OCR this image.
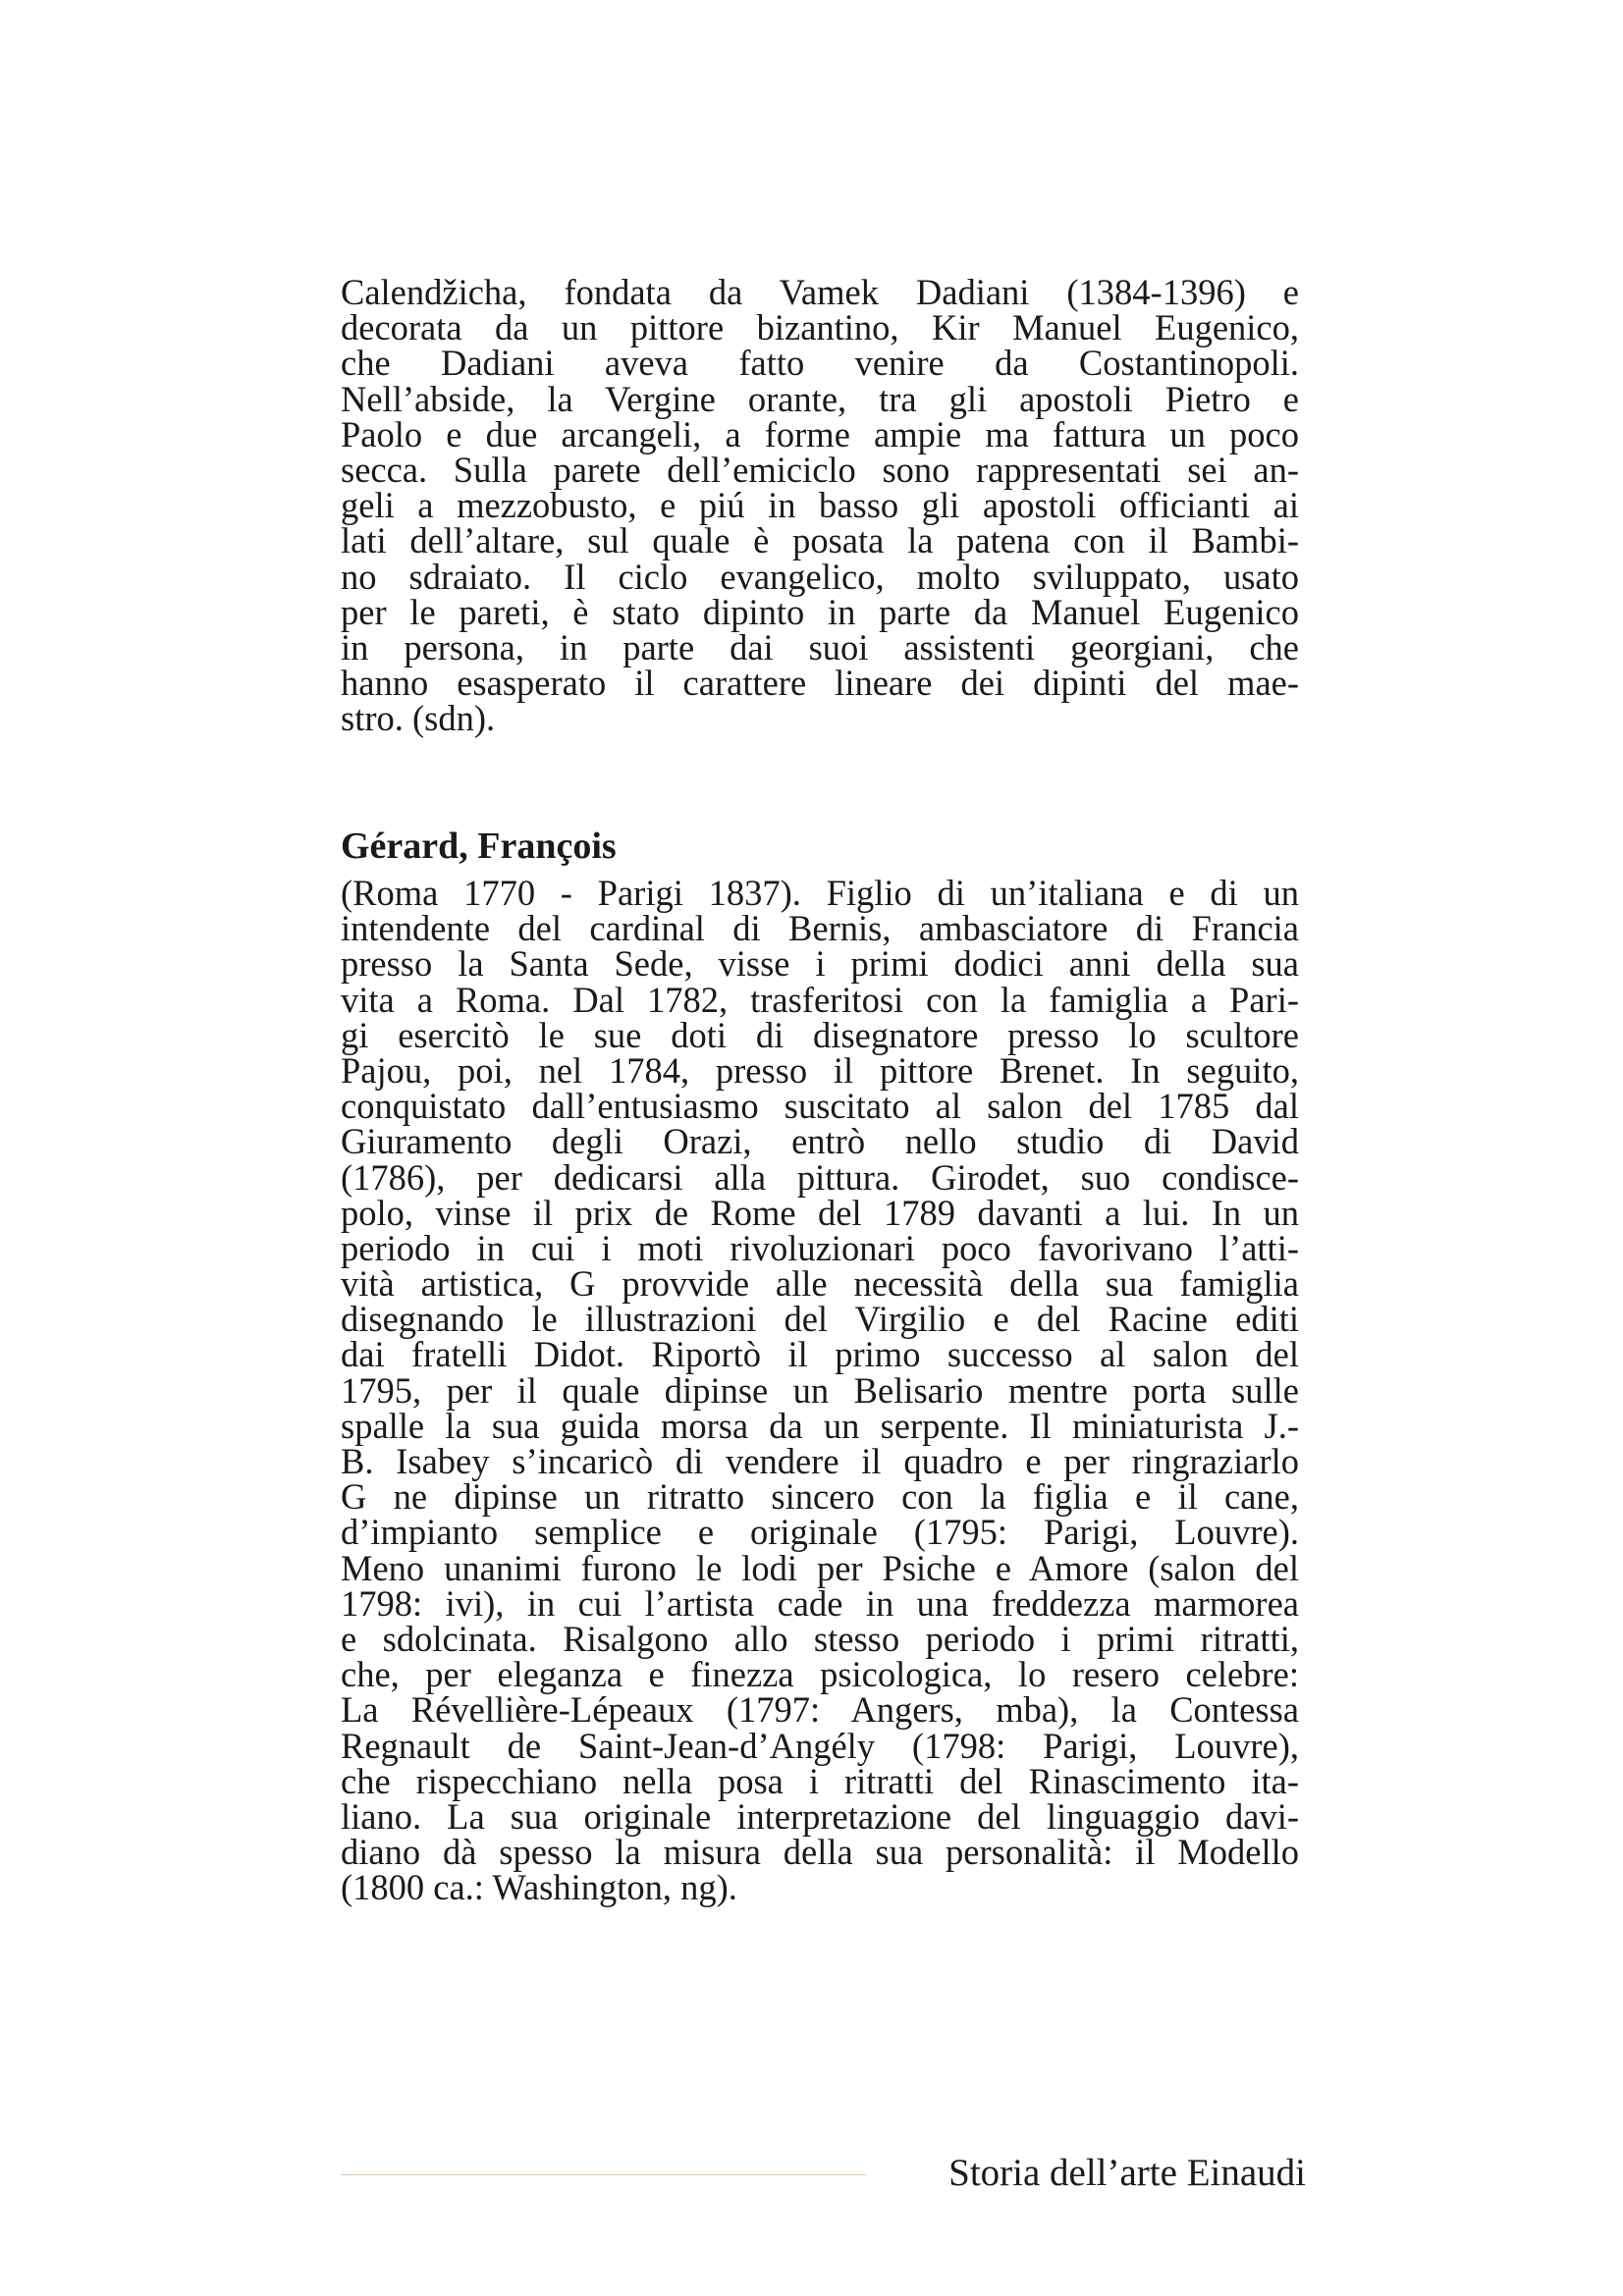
Calendžicha, fondata da Vamek Dadiani (1384-1396) e
decorata da un pittore bizantino, Kir Manuel Eugenico,
che Dadiani aveva fatto venire da Costantinopoli.
Nell’abside, la Vergine orante, tra gli apostoli Pietro e
Paolo e due arcangeli, a forme ampie ma fattura un poco
secca. Sulla parete dell’emiciclo sono rappresentati sei an-
geli a mezzobusto, e piú in basso gli apostoli officianti ai
lati dell’altare, sul quale è posata la patena con il Bambi-
no sdraiato. Il ciclo evangelico, molto sviluppato, usato
per le pareti, è stato dipinto in parte da Manuel Eugenico
in persona, in parte dai suoi assistenti georgiani, che
hanno esasperato il carattere lineare dei dipinti del mae-
stro. (sdn).
Gérard, François
(Roma 1770 - Parigi 1837). Figlio di un’italiana e di un
intendente del cardinal di Bernis, ambasciatore di Francia
presso la Santa Sede, visse i primi dodici anni della sua
vita a Roma. Dal 1782, trasferitosi con la famiglia a Pari-
gi esercitò le sue doti di disegnatore presso lo scultore
Pajou, poi, nel 1784, presso il pittore Brenet. In seguito,
conquistato dall’entusiasmo suscitato al salon del 1785 dal
Giuramento degli Orazi, entrò nello studio di David
(1786), per dedicarsi alla pittura. Girodet, suo condisce-
polo, vinse il prix de Rome del 1789 davanti a lui. In un
periodo in cui i moti rivoluzionari poco favorivano l’atti-
vità artistica, G provvide alle necessità della sua famiglia
disegnando le illustrazioni del Virgilio e del Racine editi
dai fratelli Didot. Riportò il primo successo al salon del
1795, per il quale dipinse un Belisario mentre porta sulle
spalle la sua guida morsa da un serpente. Il miniaturista J.-
B. Isabey s’incaricò di vendere il quadro e per ringraziarlo
G ne dipinse un ritratto sincero con la figlia e il cane,
d’impianto semplice e originale (1795: Parigi, Louvre).
Meno unanimi furono le lodi per Psiche e Amore (salon del
1798: ivi), in cui l’artista cade in una freddezza marmorea
e sdolcinata. Risalgono allo stesso periodo i primi ritratti,
che, per eleganza e finezza psicologica, lo resero celebre:
La Révellière-Lépeaux (1797: Angers, mba), la Contessa
Regnault de Saint-Jean-d’Angély (1798: Parigi, Louvre),
che rispecchiano nella posa i ritratti del Rinascimento ita-
liano. La sua originale interpretazione del linguaggio davi-
diano dà spesso la misura della sua personalità: il Modello
(1800 ca.: Washington, ng).
Storia dell’arte Einaudi
